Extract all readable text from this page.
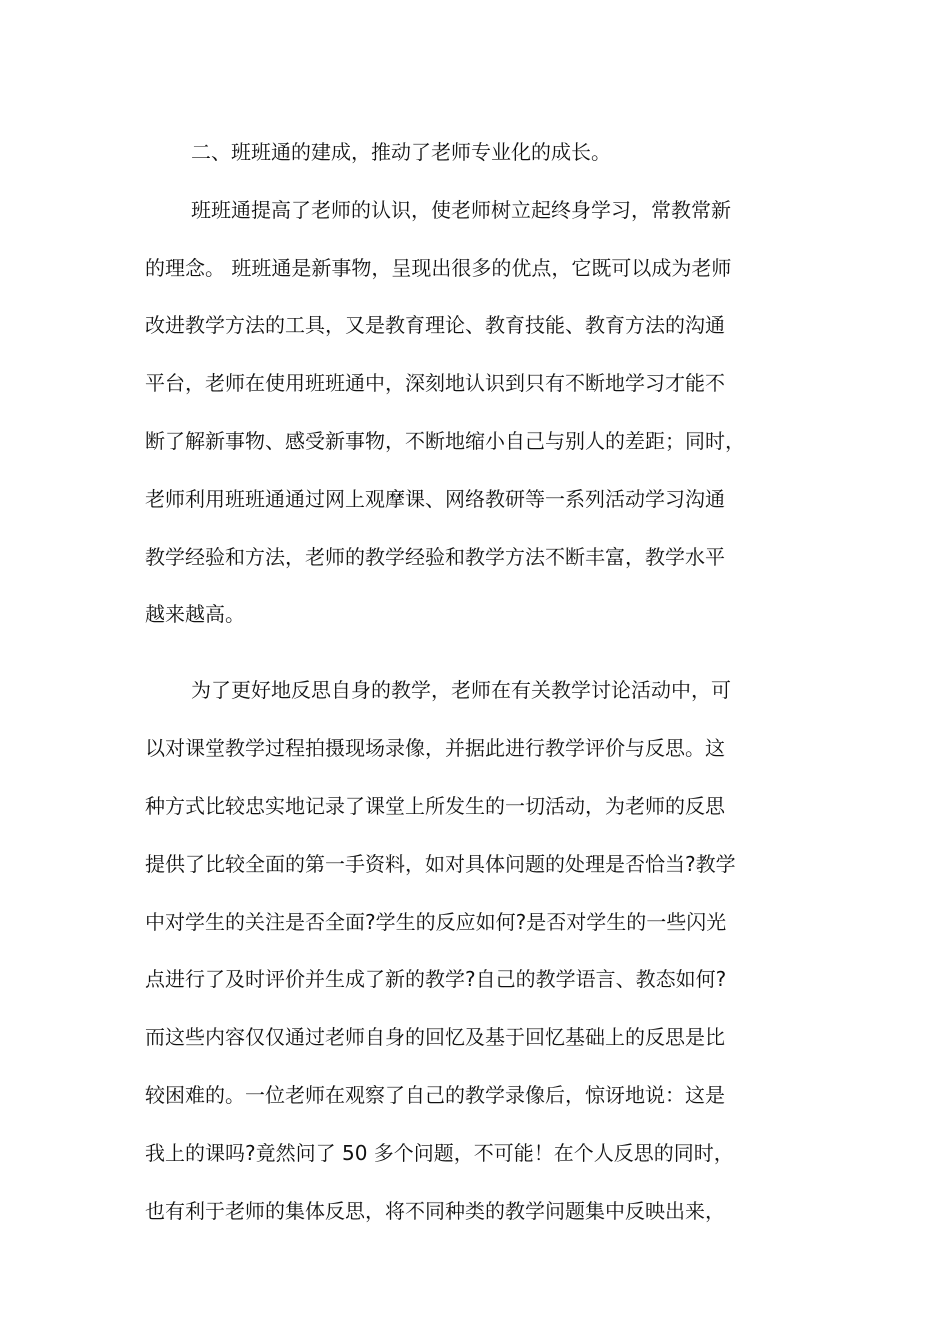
二、班班通的建成，推动了老师专业化的成长。
班班通提高了老师的认识，使老师树立起终身学习，常教常新
的理念。 班班通是新事物，呈现出很多的优点，它既可以成为老师
改进教学方法的工具，又是教育理论、教育技能、教育方法的沟通
平台，老师在使用班班通中，深刻地认识到只有不断地学习才能不
断了解新事物、感受新事物，不断地缩小自己与别人的差距；同时，
老师利用班班通通过网上观摩课、网络教研等一系列活动学习沟通
教学经验和方法，老师的教学经验和教学方法不断丰富，教学水平
越来越高。
为了更好地反思自身的教学，老师在有关教学讨论活动中，可
以对课堂教学过程拍摄现场录像，并据此进行教学评价与反思。这
种方式比较忠实地记录了课堂上所发生的一切活动，为老师的反思
提供了比较全面的第一手资料，如对具体问题的处理是否恰当?教学
中对学生的关注是否全面?学生的反应如何?是否对学生的一些闪光
点进行了及时评价并生成了新的教学?自己的教学语言、教态如何?
而这些内容仅仅通过老师自身的回忆及基于回忆基础上的反思是比
较困难的。一位老师在观察了自己的教学录像后，惊讶地说：这是
我上的课吗?竟然问了 50 多个问题，不可能！在个人反思的同时，
也有利于老师的集体反思，将不同种类的教学问题集中反映出来，
